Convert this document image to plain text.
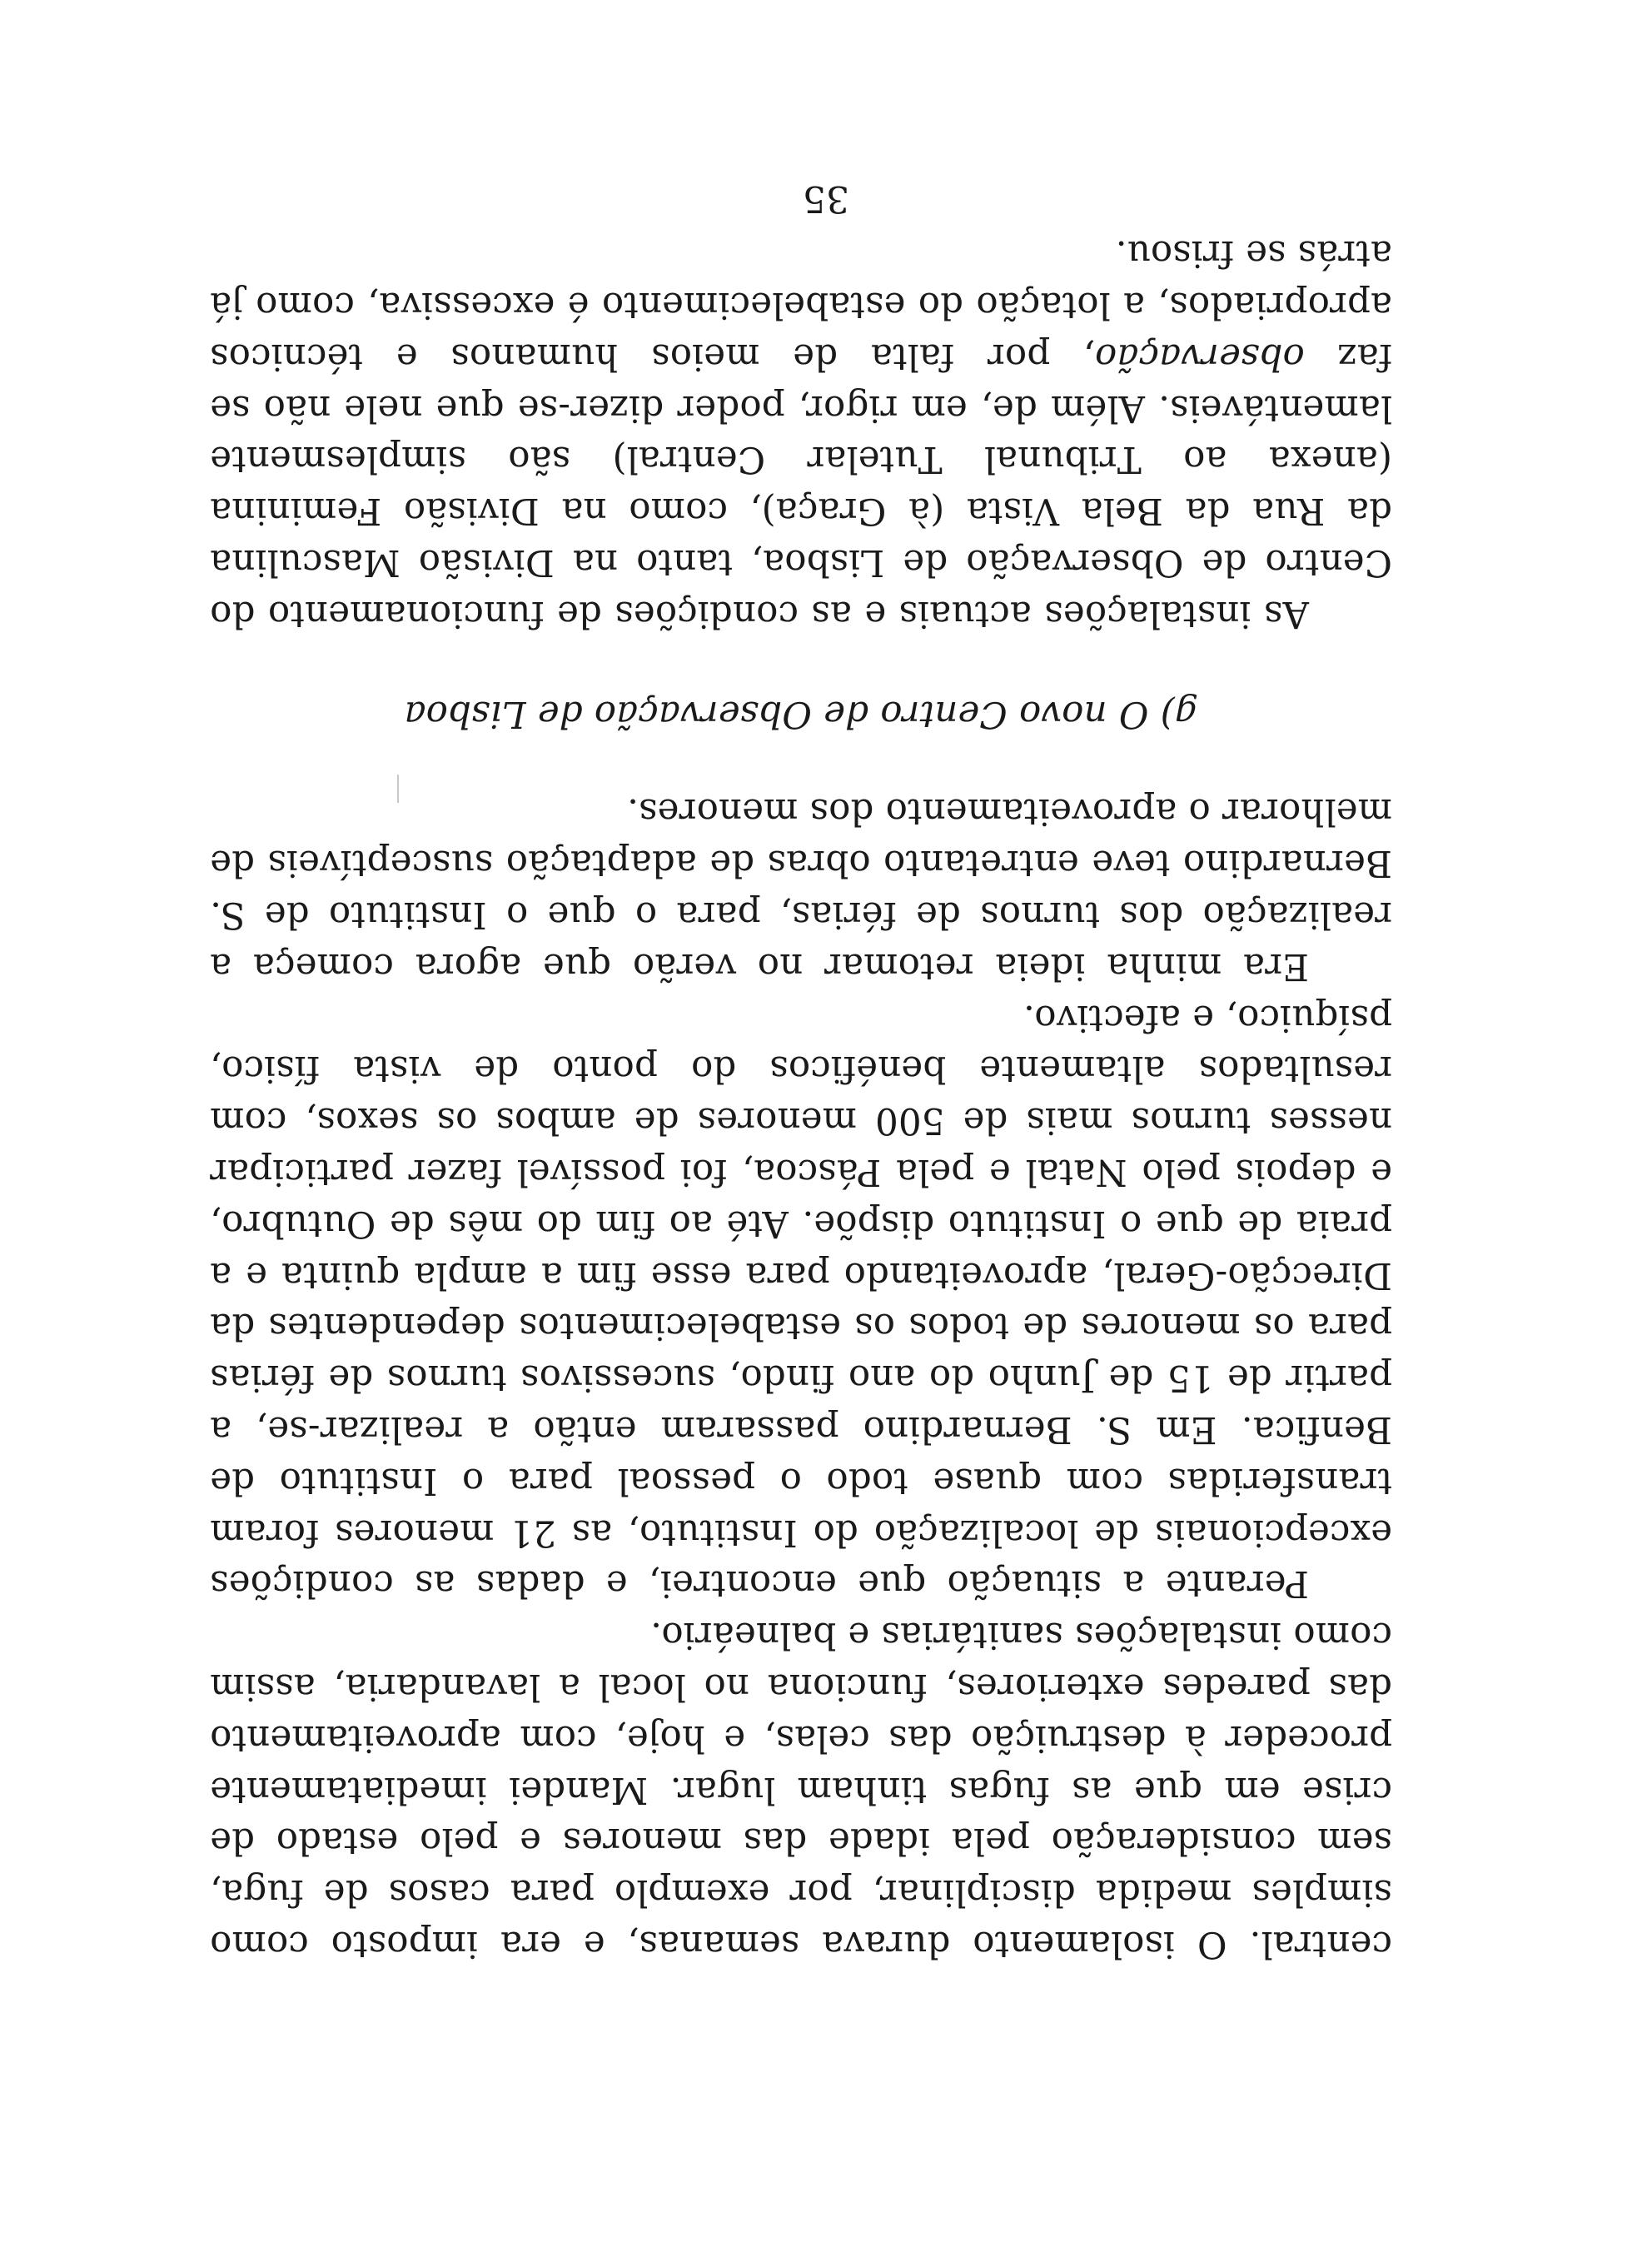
central. O isolamento durava semanas, e era imposto como simples medida disciplinar, por exemplo para casos de fuga, sem consideração pela idade das menores e pelo estado de crise em que as fugas tinham lugar. Mandei imediatamente proceder à destruição das celas, e hoje, com aproveitamento das paredes exteriores, funciona no local a lavandaria, assim como instalações sanitárias e balneário.

Perante a situação que encontrei, e dadas as condições excepcionais de localização do Instituto, as 21 menores foram transferidas com quase todo o pessoal para o Instituto de Benfica. Em S. Bernardino passaram então a realizar-se, a partir de 15 de Junho do ano findo, sucessivos turnos de férias para os menores de todos os estabelecimentos dependentes da Direcção-Geral, aproveitando para esse fim a ampla quinta e a praia de que o Instituto dispõe. Até ao fim do mês de Outubro, e depois pelo Natal e pela Páscoa, foi possível fazer participar nesses turnos mais de 500 menores de ambos os sexos, com resultados altamente benéficos do ponto de vista físico, psíquico, e afectivo.

Era minha ideia retomar no verão que agora começa a realização dos turnos de férias, para o que o Instituto de S. Bernardino teve entretanto obras de adaptação susceptíveis de melhorar o aproveitamento dos menores.

g) O novo Centro de Observação de Lisboa

As instalações actuais e as condições de funcionamento do Centro de Observação de Lisboa, tanto na Divisão Masculina da Rua da Bela Vista (à Graça), como na Divisão Feminina (anexa ao Tribunal Tutelar Central) são simplesmente lamentáveis. Além de, em rigor, poder dizer-se que nele não se faz observação, por falta de meios humanos e técnicos apropriados, a lotação do estabelecimento é excessiva, como já atrás se frisou.

35
